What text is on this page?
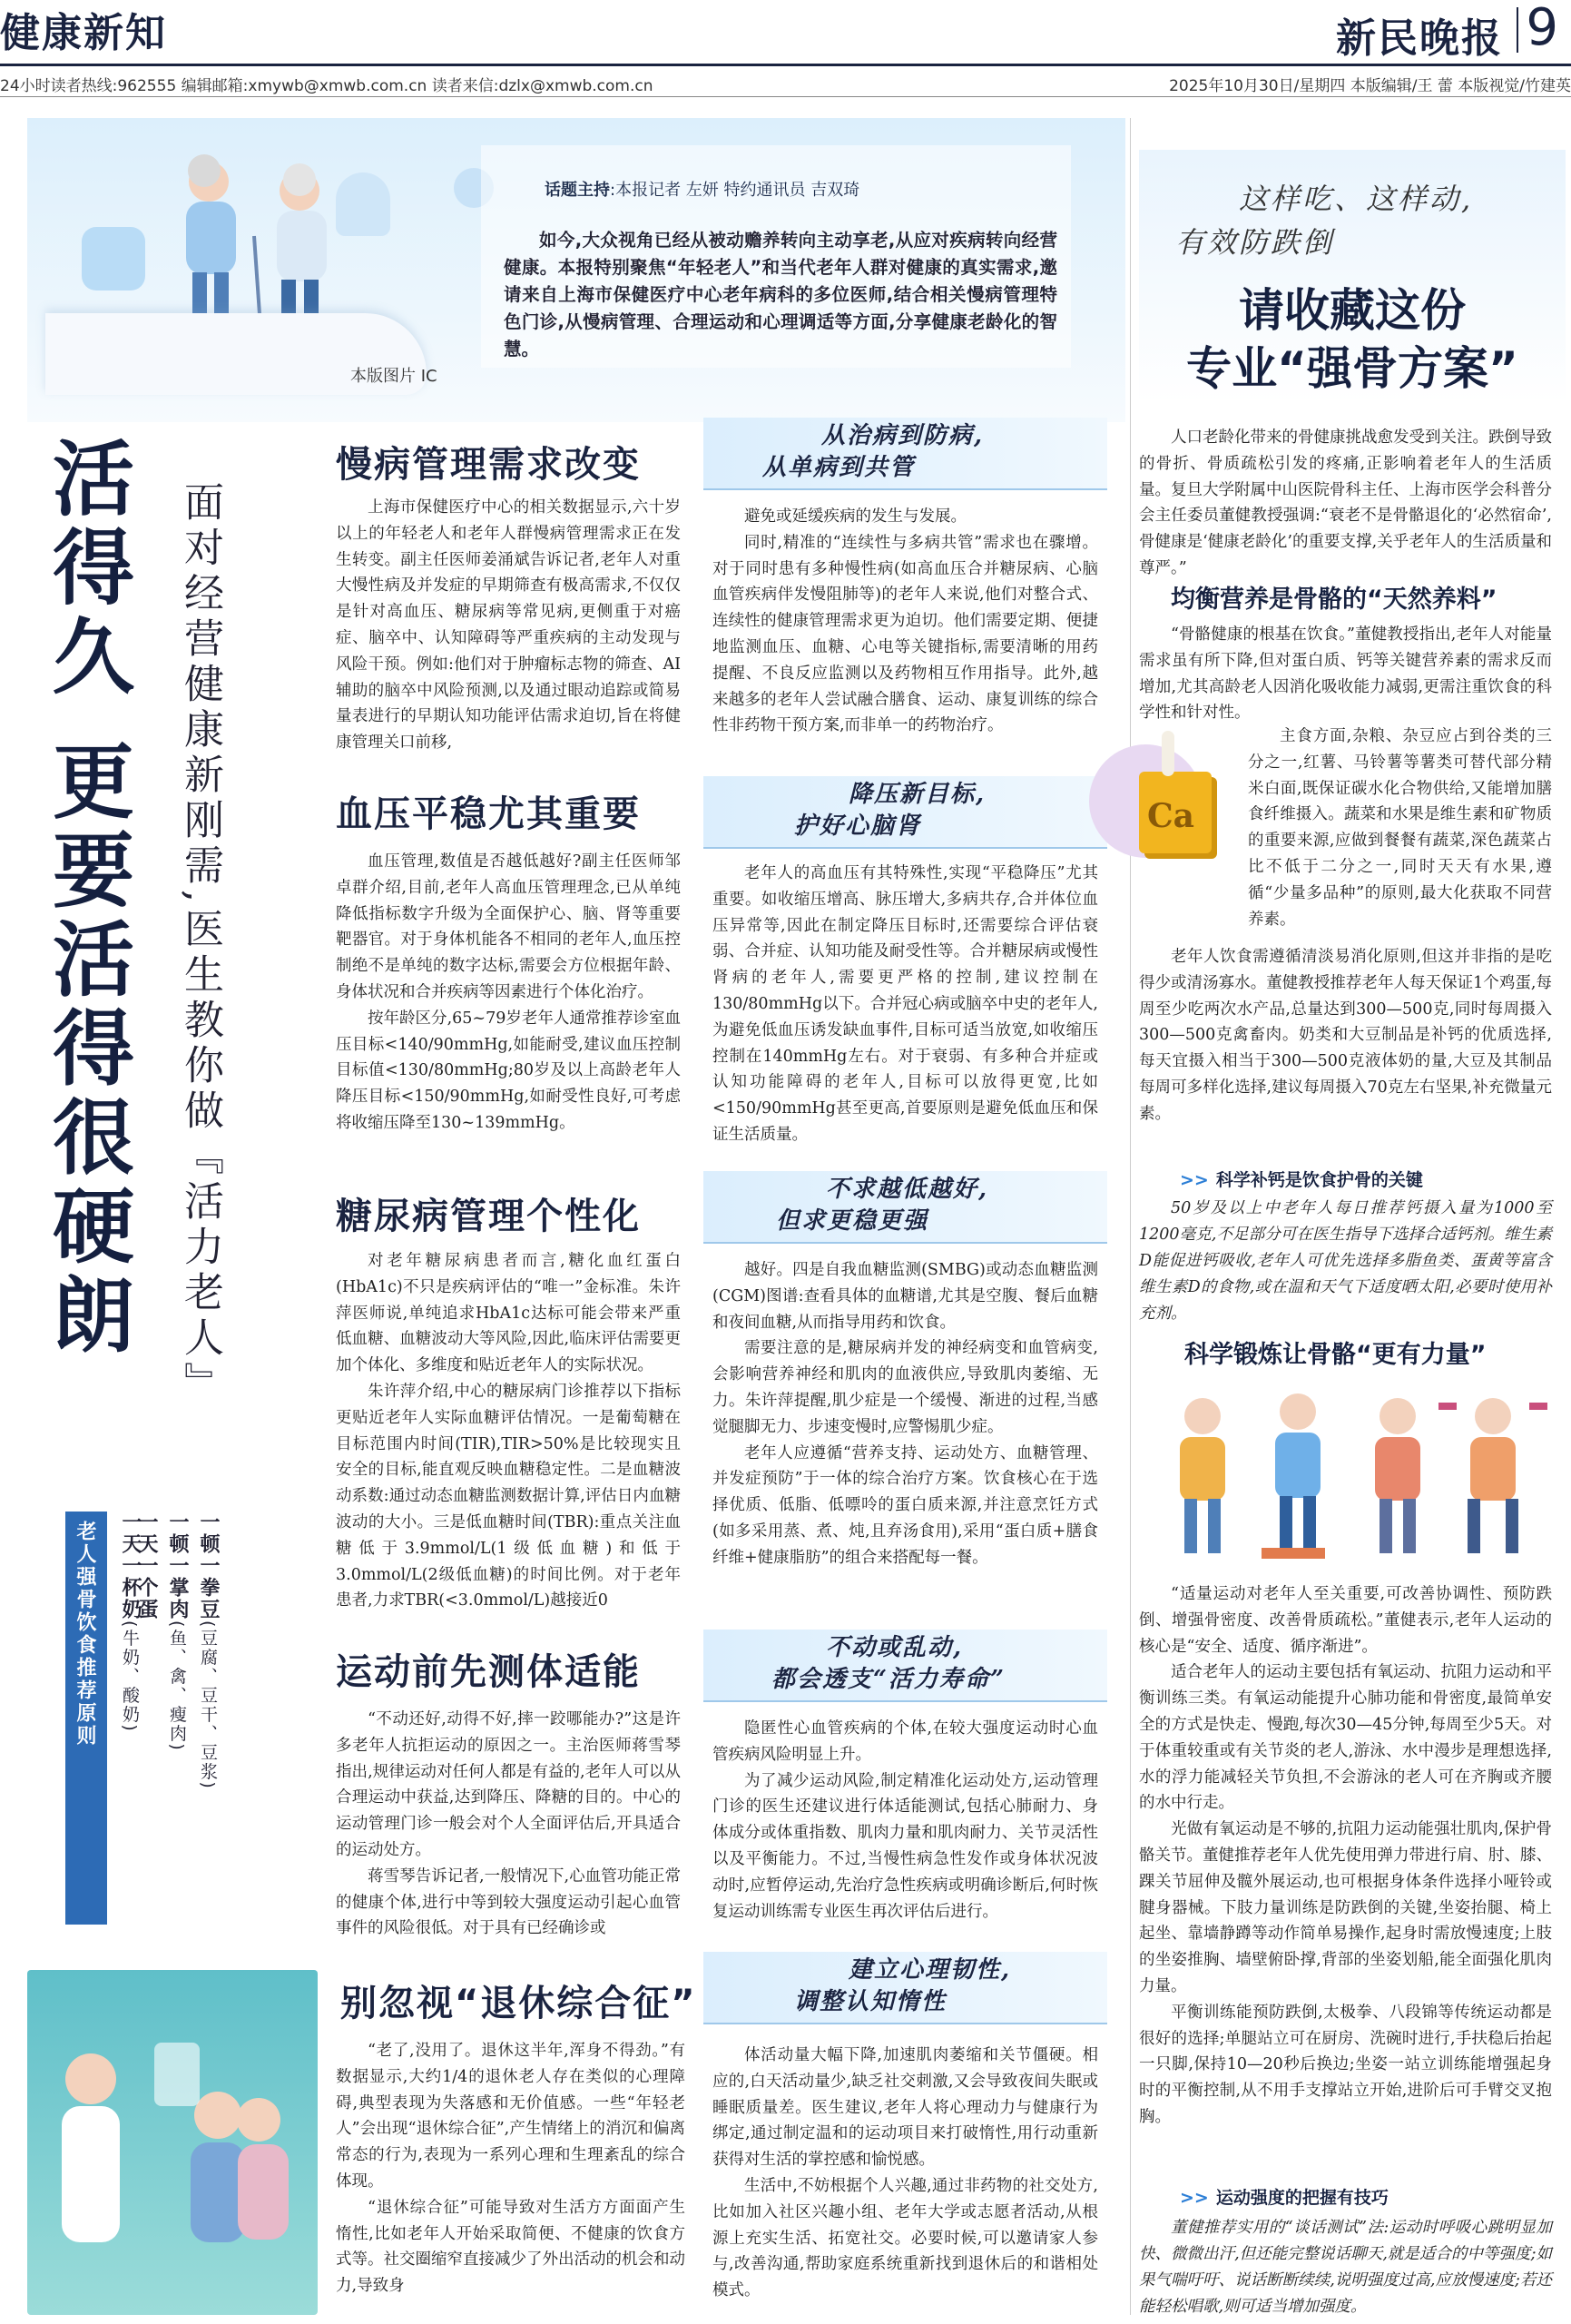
健康新知	新民晚报 9
24小时读者热线:962555 编辑邮箱:xmywb@xmwb.com.cn 读者来信:dzlx@xmwb.com.cn	2025年10月30日/星期四 本版编辑/王 蕾 本版视觉/竹建英
本版图片 IC
话题主持:本报记者 左妍 特约通讯员 吉双琦
如今,大众视角已经从被动赡养转向主动享老,从应对疾病转向经营健康。本报特别聚焦“年轻老人”和当代老年人群对健康的真实需求,邀请来自上海市保健医疗中心老年病科的多位医师,结合相关慢病管理特色门诊,从慢病管理、合理运动和心理调适等方面,分享健康老龄化的智慧。
活得久 更要活得很硬朗 面对经营健康新刚需,医生教你做『活力老人』
老人强骨饮食推荐原则	一顿一拳豆(豆腐、豆干、豆浆)
一顿一掌肉(鱼、禽、瘦肉)
一天一个蛋
一天一杯奶(牛奶、酸奶)
慢病管理需求改变

上海市保健医疗中心的相关数据显示,六十岁以上的年轻老人和老年人群慢病管理需求正在发生转变。副主任医师姜涌斌告诉记者,老年人对重大慢性病及并发症的早期筛查有极高需求,不仅仅是针对高血压、糖尿病等常见病,更侧重于对癌症、脑卒中、认知障碍等严重疾病的主动发现与风险干预。例如:他们对于肿瘤标志物的筛查、AI辅助的脑卒中风险预测,以及通过眼动追踪或简易量表进行的早期认知功能评估需求迫切,旨在将健康管理关口前移,

从治病到防病,
从单病到共管

避免或延缓疾病的发生与发展。

同时,精准的“连续性与多病共管”需求也在骤增。对于同时患有多种慢性病(如高血压合并糖尿病、心脑血管疾病伴发慢阻肺等)的老年人来说,他们对整合式、连续性的健康管理需求更为迫切。他们需要定期、便捷地监测血压、血糖、心电等关键指标,需要清晰的用药提醒、不良反应监测以及药物相互作用指导。此外,越来越多的老年人尝试融合膳食、运动、康复训练的综合性非药物干预方案,而非单一的药物治疗。

血压平稳尤其重要

血压管理,数值是否越低越好?副主任医师邹卓群介绍,目前,老年人高血压管理理念,已从单纯降低指标数字升级为全面保护心、脑、肾等重要靶器官。对于身体机能各不相同的老年人,血压控制绝不是单纯的数字达标,需要会方位根据年龄、身体状况和合并疾病等因素进行个体化治疗。

按年龄区分,65~79岁老年人通常推荐诊室血压目标<140/90mmHg,如能耐受,建议血压控制目标值<130/80mmHg;80岁及以上高龄老年人降压目标<150/90mmHg,如耐受性良好,可考虑将收缩压降至130~139mmHg。

降压新目标,
护好心脑肾

老年人的高血压有其特殊性,实现“平稳降压”尤其重要。如收缩压增高、脉压增大,多病共存,合并体位血压异常等,因此在制定降压目标时,还需要综合评估衰弱、合并症、认知功能及耐受性等。合并糖尿病或慢性肾病的老年人,需要更严格的控制,建议控制在130/80mmHg以下。合并冠心病或脑卒中史的老年人,为避免低血压诱发缺血事件,目标可适当放宽,如收缩压控制在140mmHg左右。对于衰弱、有多种合并症或认知功能障碍的老年人,目标可以放得更宽,比如<150/90mmHg甚至更高,首要原则是避免低血压和保证生活质量。

糖尿病管理个性化

对老年糖尿病患者而言,糖化血红蛋白(HbA1c)不只是疾病评估的“唯一”金标准。朱许萍医师说,单纯追求HbA1c达标可能会带来严重低血糖、血糖波动大等风险,因此,临床评估需要更加个体化、多维度和贴近老年人的实际状况。

朱许萍介绍,中心的糖尿病门诊推荐以下指标更贴近老年人实际血糖评估情况。一是葡萄糖在目标范围内时间(TIR),TIR>50%是比较现实且安全的目标,能直观反映血糖稳定性。二是血糖波动系数:通过动态血糖监测数据计算,评估日内血糖波动的大小。三是低血糖时间(TBR):重点关注血糖低于3.9mmol/L(1级低血糖)和低于3.0mmol/L(2级低血糖)的时间比例。对于老年患者,力求TBR(<3.0mmol/L)越接近0

不求越低越好,
但求更稳更强

越好。四是自我血糖监测(SMBG)或动态血糖监测(CGM)图谱:查看具体的血糖谱,尤其是空腹、餐后血糖和夜间血糖,从而指导用药和饮食。

需要注意的是,糖尿病并发的神经病变和血管病变,会影响营养神经和肌肉的血液供应,导致肌肉萎缩、无力。朱许萍提醒,肌少症是一个缓慢、渐进的过程,当感觉腿脚无力、步速变慢时,应警惕肌少症。

老年人应遵循“营养支持、运动处方、血糖管理、并发症预防”于一体的综合治疗方案。饮食核心在于选择优质、低脂、低嘌呤的蛋白质来源,并注意烹饪方式(如多采用蒸、煮、炖,且弃汤食用),采用“蛋白质+膳食纤维+健康脂肪”的组合来搭配每一餐。

运动前先测体适能

“不动还好,动得不好,摔一跤哪能办?”这是许多老年人抗拒运动的原因之一。主治医师蒋雪琴指出,规律运动对任何人都是有益的,老年人可以从合理运动中获益,达到降压、降糖的目的。中心的运动管理门诊一般会对个人全面评估后,开具适合的运动处方。

蒋雪琴告诉记者,一般情况下,心血管功能正常的健康个体,进行中等到较大强度运动引起心血管事件的风险很低。对于具有已经确诊或

不动或乱动,
都会透支“活力寿命”

隐匿性心血管疾病的个体,在较大强度运动时心血管疾病风险明显上升。

为了减少运动风险,制定精准化运动处方,运动管理门诊的医生还建议进行体适能测试,包括心肺耐力、身体成分或体重指数、肌肉力量和肌肉耐力、关节灵活性以及平衡能力。不过,当慢性病急性发作或身体状况波动时,应暂停运动,先治疗急性疾病或明确诊断后,何时恢复运动训练需专业医生再次评估后进行。

别忽视“退休综合征”

“老了,没用了。退休这半年,浑身不得劲。”有数据显示,大约1/4的退休老人存在类似的心理障碍,典型表现为失落感和无价值感。一些“年轻老人”会出现“退休综合征”,产生情绪上的消沉和偏离常态的行为,表现为一系列心理和生理紊乱的综合体现。

“退休综合征”可能导致对生活方方面面产生惰性,比如老年人开始采取简便、不健康的饮食方式等。社交圈缩窄直接减少了外出活动的机会和动力,导致身

建立心理韧性,
调整认知惰性

体活动量大幅下降,加速肌肉萎缩和关节僵硬。相应的,白天活动量少,缺乏社交刺激,又会导致夜间失眠或睡眠质量差。医生建议,老年人将心理动力与健康行为绑定,通过制定温和的运动项目来打破惰性,用行动重新获得对生活的掌控感和愉悦感。

生活中,不妨根据个人兴趣,通过非药物的社交处方,比如加入社区兴趣小组、老年大学或志愿者活动,从根源上充实生活、拓宽社交。必要时候,可以邀请家人参与,改善沟通,帮助家庭系统重新找到退休后的和谐相处模式。

这样吃、这样动,
有效防跌倒
请收藏这份
专业“强骨方案”

人口老龄化带来的骨健康挑战愈发受到关注。跌倒导致的骨折、骨质疏松引发的疼痛,正影响着老年人的生活质量。复旦大学附属中山医院骨科主任、上海市医学会科普分会主任委员董健教授强调:“衰老不是骨骼退化的‘必然宿命’,骨健康是‘健康老龄化’的重要支撑,关乎老年人的生活质量和尊严。”

均衡营养是骨骼的“天然养料”

“骨骼健康的根基在饮食。”董健教授指出,老年人对能量需求虽有所下降,但对蛋白质、钙等关键营养素的需求反而增加,尤其高龄老人因消化吸收能力减弱,更需注重饮食的科学性和针对性。

Ca

主食方面,杂粮、杂豆应占到谷类的三分之一,红薯、马铃薯等薯类可替代部分精米白面,既保证碳水化合物供给,又能增加膳食纤维摄入。蔬菜和水果是维生素和矿物质的重要来源,应做到餐餐有蔬菜,深色蔬菜占比不低于二分之一,同时天天有水果,遵循“少量多品种”的原则,最大化获取不同营养素。

老年人饮食需遵循清淡易消化原则,但这并非指的是吃得少或清汤寡水。董健教授推荐老年人每天保证1个鸡蛋,每周至少吃两次水产品,总量达到300—500克,同时每周摄入300—500克禽畜肉。奶类和大豆制品是补钙的优质选择,每天宜摄入相当于300—500克液体奶的量,大豆及其制品每周可多样化选择,建议每周摄入70克左右坚果,补充微量元素。

>> 科学补钙是饮食护骨的关键
50岁及以上中老年人每日推荐钙摄入量为1000至1200毫克,不足部分可在医生指导下选择合适钙剂。维生素D能促进钙吸收,老年人可优先选择多脂鱼类、蛋黄等富含维生素D的食物,或在温和天气下适度晒太阳,必要时使用补充剂。
科学锻炼让骨骼“更有力量”

“适量运动对老年人至关重要,可改善协调性、预防跌倒、增强骨密度、改善骨质疏松。”董健表示,老年人运动的核心是“安全、适度、循序渐进”。

适合老年人的运动主要包括有氧运动、抗阻力运动和平衡训练三类。有氧运动能提升心肺功能和骨密度,最简单安全的方式是快走、慢跑,每次30—45分钟,每周至少5天。对于体重较重或有关节炎的老人,游泳、水中漫步是理想选择,水的浮力能减轻关节负担,不会游泳的老人可在齐胸或齐腰的水中行走。

光做有氧运动是不够的,抗阻力运动能强壮肌肉,保护骨骼关节。董健推荐老年人优先使用弹力带进行肩、肘、膝、踝关节屈伸及髋外展运动,也可根据身体条件选择小哑铃或腱身器械。下肢力量训练是防跌倒的关键,坐姿抬腿、椅上起坐、靠墙静蹲等动作简单易操作,起身时需放慢速度;上肢的坐姿推胸、墙壁俯卧撑,背部的坐姿划船,能全面强化肌肉力量。

平衡训练能预防跌倒,太极拳、八段锦等传统运动都是很好的选择;单腿站立可在厨房、洗碗时进行,手扶稳后抬起一只脚,保持10—20秒后换边;坐姿一站立训练能增强起身时的平衡控制,从不用手支撑站立开始,进阶后可手臂交叉抱胸。

>> 运动强度的把握有技巧
董健推荐实用的“谈话测试”法:运动时呼吸心跳明显加快、微微出汗,但还能完整说话聊天,就是适合的中等强度;如果气喘吁吁、说话断断续续,说明强度过高,应放慢速度;若还能轻松唱歌,则可适当增加强度。
